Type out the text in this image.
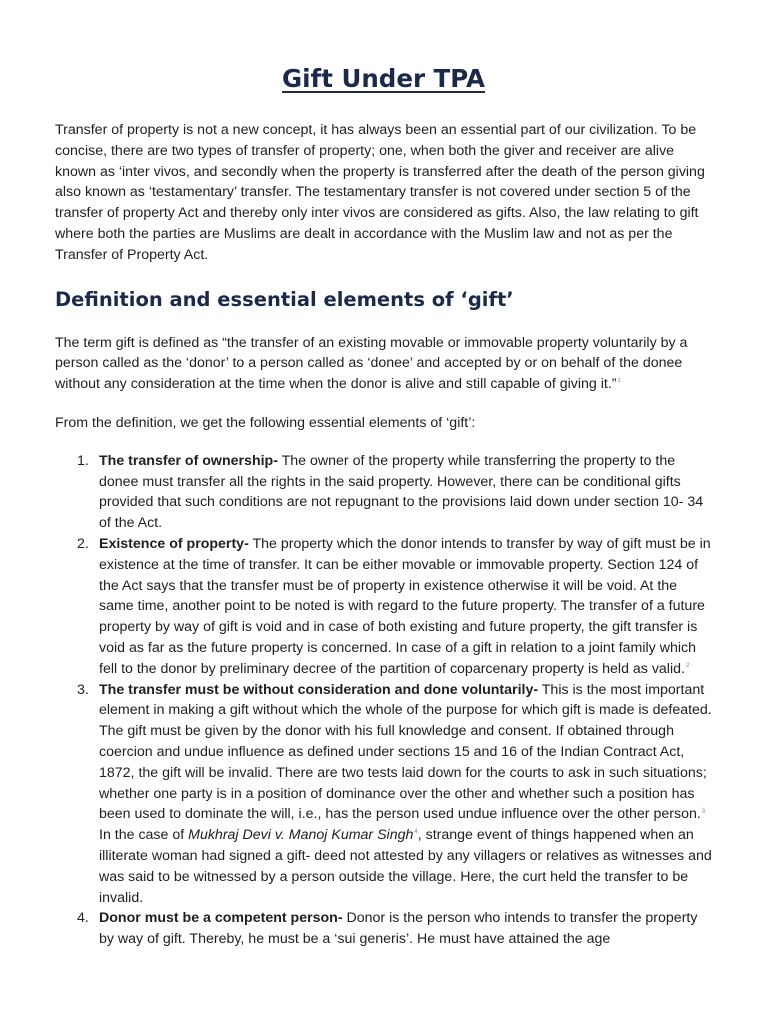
Gift Under TPA

Transfer of property is not a new concept, it has always been an essential part of our civilization. To be concise, there are two types of transfer of property; one, when both the giver and receiver are alive known as ‘inter vivos, and secondly when the property is transferred after the death of the person giving also known as ‘testamentary’ transfer. The testamentary transfer is not covered under section 5 of the transfer of property Act and thereby only inter vivos are considered as gifts. Also, the law relating to gift where both the parties are Muslims are dealt in accordance with the Muslim law and not as per the Transfer of Property Act.

Definition and essential elements of ‘gift’

The term gift is defined as “the transfer of an existing movable or immovable property voluntarily by a person called as the ‘donor’ to a person called as ‘donee’ and accepted by or on behalf of the donee without any consideration at the time when the donor is alive and still capable of giving it.”$^1$

From the definition, we get the following essential elements of ‘gift’:

1. The transfer of ownership- The owner of the property while transferring the property to the donee must transfer all the rights in the said property. However, there can be conditional gifts provided that such conditions are not repugnant to the provisions laid down under section 10- 34 of the Act.
2. Existence of property- The property which the donor intends to transfer by way of gift must be in existence at the time of transfer. It can be either movable or immovable property. Section 124 of the Act says that the transfer must be of property in existence otherwise it will be void. At the same time, another point to be noted is with regard to the future property. The transfer of a future property by way of gift is void and in case of both existing and future property, the gift transfer is void as far as the future property is concerned. In case of a gift in relation to a joint family which fell to the donor by preliminary decree of the partition of coparcenary property is held as valid.$^2$
3. The transfer must be without consideration and done voluntarily- This is the most important element in making a gift without which the whole of the purpose for which gift is made is defeated. The gift must be given by the donor with his full knowledge and consent. If obtained through coercion and undue influence as defined under sections 15 and 16 of the Indian Contract Act, 1872, the gift will be invalid. There are two tests laid down for the courts to ask in such situations; whether one party is in a position of dominance over the other and whether such a position has been used to dominate the will, i.e., has the person used undue influence over the other person.$^3$ In the case of Mukhraj Devi v. Manoj Kumar Singh$^4$, strange event of things happened when an illiterate woman had signed a gift- deed not attested by any villagers or relatives as witnesses and was said to be witnessed by a person outside the village. Here, the curt held the transfer to be invalid.
4. Donor must be a competent person- Donor is the person who intends to transfer the property by way of gift. Thereby, he must be a ‘sui generis’. He must have attained the age
